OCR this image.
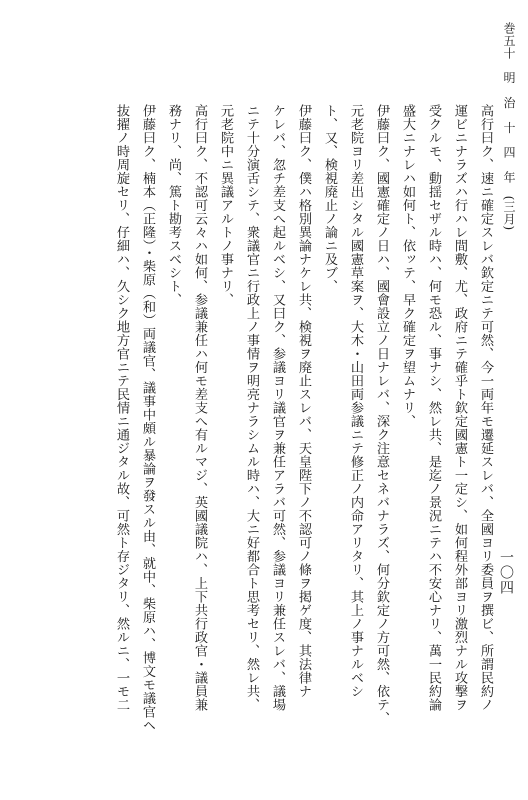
巻五十　明　治　十　四　年　(三月)
一〇四
高行曰ク、速ニ確定スレバ欽定ニテ可然、今一両年モ遷延スレバ、全國ヨリ委員ヲ撰ビ、所謂民約ノ
運ビニナラズハ行ハレ間敷、尤、政府ニテ確乎ト欽定國憲ト一定シ、如何程外部ヨリ激烈ナル攻撃ヲ
受クルモ、動揺セザル時ハ、何モ恐ル、事ナシ、然レ共、是迄ノ景況ニテハ不安心ナリ、萬一民約論
盛大ニナレハ如何ト、依ッテ、早ク確定ヲ望ムナリ、
伊藤曰ク、國憲確定ノ日ハ、國會設立ノ日ナレバ、深ク注意セネバナラズ、何分欽定ノ方可然、依テ、
元老院ヨリ差出シタル國憲草案ヲ、大木・山田両参議ニテ修正ノ内命アリタリ、其上ノ事ナルベシ
ト、又、検視廃止ノ論ニ及ブ、
伊藤曰ク、僕ハ格別異論ナケレ共、検視ヲ廃止スレバ、天皇陛下ノ不認可ノ條ヲ掲ゲ度、其法律ナ
ケレバ、忽チ差支へ起ルベシ、又曰ク、参議ヨリ議官ヲ兼任アラバ可然、参議ヨリ兼任スレバ、議場
ニテ十分演舌シテ、衆議官ニ行政上ノ事情ヲ明亮ナラシムル時ハ、大ニ好都合ト思考セリ、然レ共、
元老院中ニ異議アルトノ事ナリ、
高行曰ク、不認可云々ハ如何、参議兼任ハ何モ差支へ有ルマジ、英國議院ハ、上下共行政官・議員兼
務ナリ、尚、篤ト勘考スベシト、
伊藤曰ク、楠本（正隆）・柴原（和）両議官、議事中頗ル暴論ヲ發スル由、就中、柴原ハ、博文モ議官ヘ
抜擢ノ時周旋セリ、仔細ハ、久シク地方官ニテ民情ニ通ジタル故、可然ト存ジタリ、然ルニ、一モ二
